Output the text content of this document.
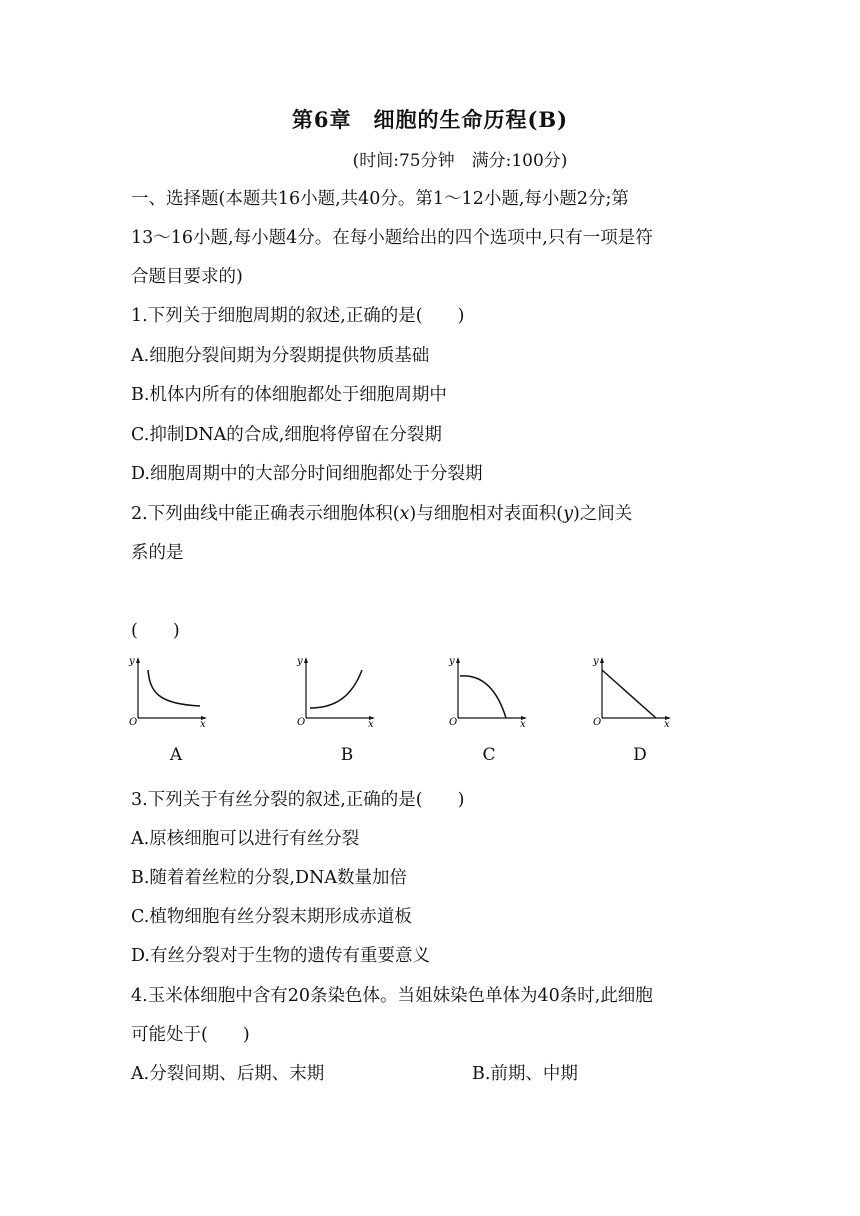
第6章　细胞的生命历程(B)
(时间:75分钟　满分:100分)
一、选择题(本题共16小题,共40分。第1～12小题,每小题2分;第
13～16小题,每小题4分。在每小题给出的四个选项中,只有一项是符
合题目要求的)
1.下列关于细胞周期的叙述,正确的是(　　)
A.细胞分裂间期为分裂期提供物质基础
B.机体内所有的体细胞都处于细胞周期中
C.抑制DNA的合成,细胞将停留在分裂期
D.细胞周期中的大部分时间细胞都处于分裂期
2.下列曲线中能正确表示细胞体积(x)与细胞相对表面积(y)之间关
系的是
(　　)
y
O	x
A
y
O	x
B
y
O	x
C
y
O	x
D
3.下列关于有丝分裂的叙述,正确的是(　　)
A.原核细胞可以进行有丝分裂
B.随着着丝粒的分裂,DNA数量加倍
C.植物细胞有丝分裂末期形成赤道板
D.有丝分裂对于生物的遗传有重要意义
4.玉米体细胞中含有20条染色体。当姐妹染色单体为40条时,此细胞
可能处于(　　)
A.分裂间期、后期、末期	B.前期、中期
